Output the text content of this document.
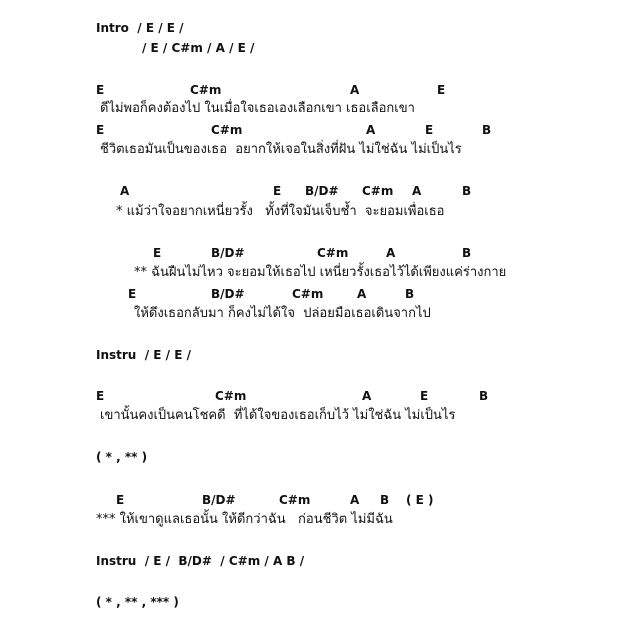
Intro  / E / E /
/ E / C#m / A / E /
E	C#m	A	E
ดีไม่พอก็คงต้องไป ในเมื่อใจเธอเองเลือกเขา เธอเลือกเขา
E	C#m	A	E	B
ชีวิตเธอมันเป็นของเธอ  อยากให้เจอในสิ่งที่ฝัน ไม่ใช่ฉัน ไม่เป็นไร
A	E B/D# C#m A	B
* แม้ว่าใจอยากเหนี่ยวรั้ง   ทั้งที่ใจมันเจ็บช้ำ  จะยอมเพื่อเธอ
E	B/D#	C#m	A	B
** ฉันฝืนไม่ไหว จะยอมให้เธอไป เหนี่ยวรั้งเธอไว้ได้เพียงแค่ร่างกาย
E	B/D#	C#m	A	B
ให้ดึงเธอกลับมา ก็คงไม่ได้ใจ  ปล่อยมือเธอเดินจากไป
Instru  / E / E /
E	C#m	A	E	B
เขานั้นคงเป็นคนโชคดี  ที่ได้ใจของเธอเก็บไว้ ไม่ใช่ฉัน ไม่เป็นไร
( * , ** )
E	B/D#	C#m	A B ( E )
*** ให้เขาดูแลเธอนั้น ให้ดีกว่าฉัน   ก่อนชีวิต ไม่มีฉัน
Instru  / E /  B/D#  / C#m / A B /
( * , ** , *** )
